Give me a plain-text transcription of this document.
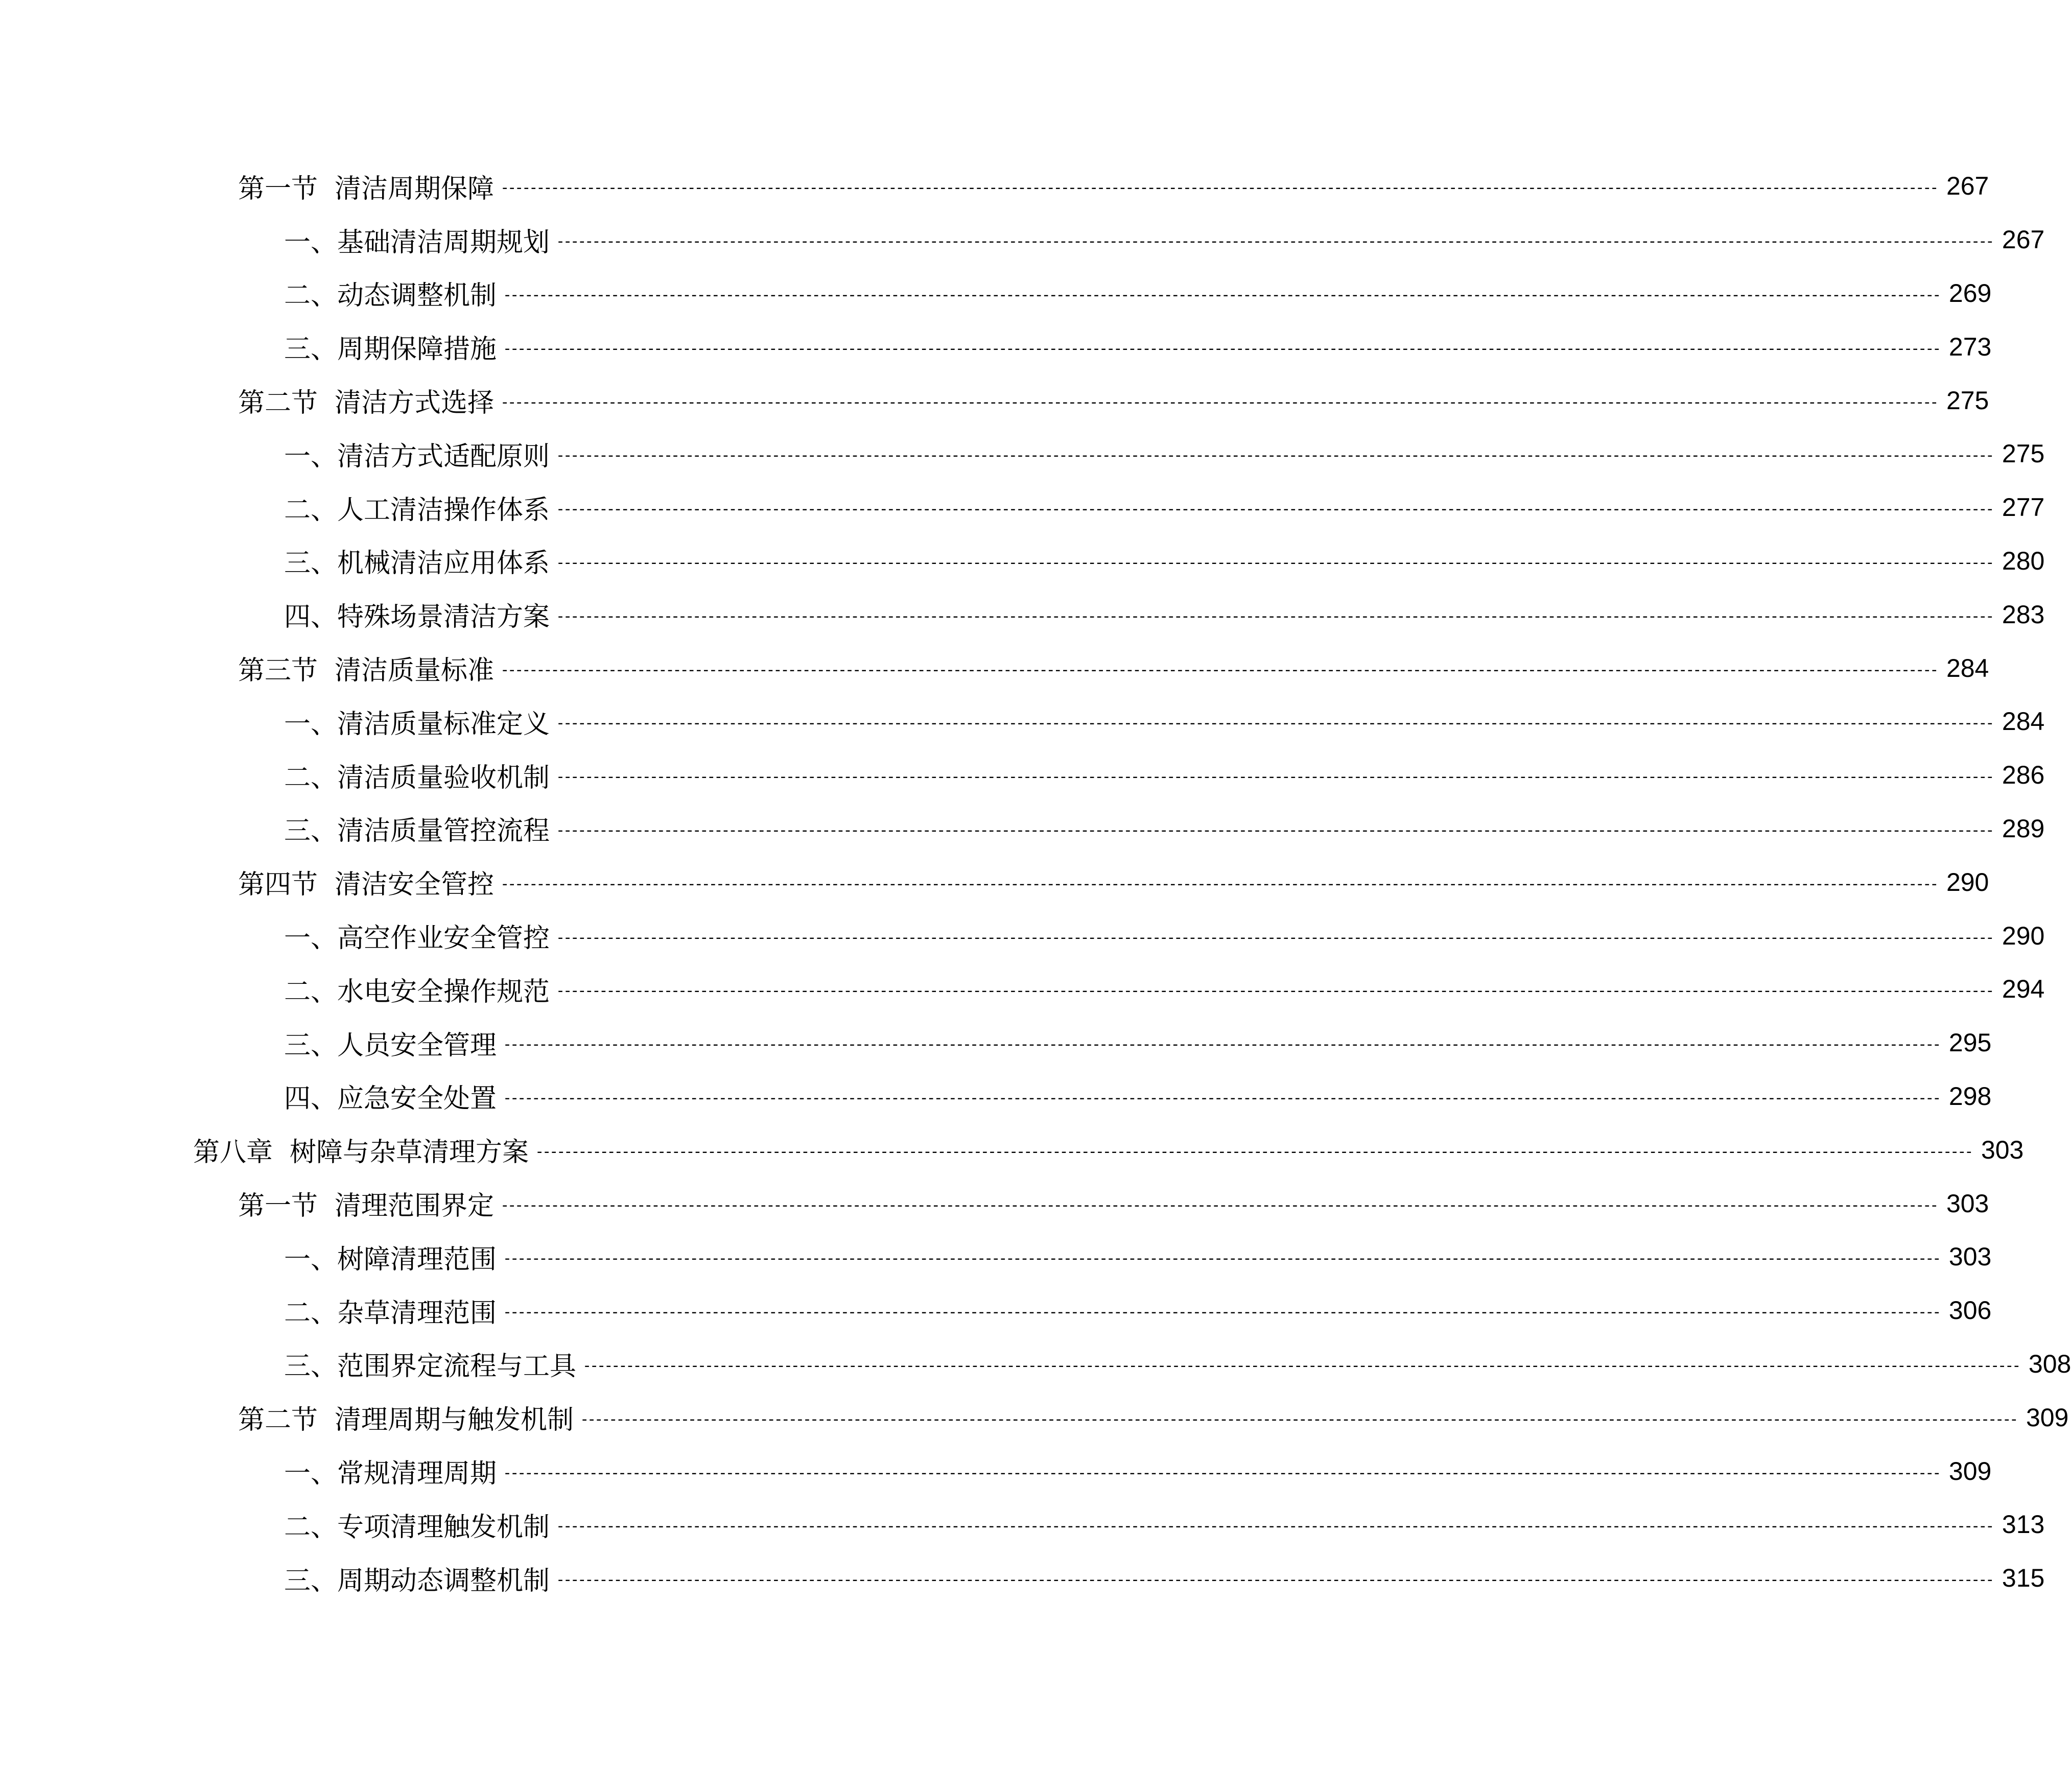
第一节  清洁周期保障 -------------------------------------------------------------------------------------------------------------------------------------------------------------------------------------------------------- 267
一、基础清洁周期规划 -------------------------------------------------------------------------------------------------------------------------------------------------------------------------------------------------------- 267
二、动态调整机制 -------------------------------------------------------------------------------------------------------------------------------------------------------------------------------------------------------- 269
三、周期保障措施 -------------------------------------------------------------------------------------------------------------------------------------------------------------------------------------------------------- 273
第二节  清洁方式选择 -------------------------------------------------------------------------------------------------------------------------------------------------------------------------------------------------------- 275
一、清洁方式适配原则 -------------------------------------------------------------------------------------------------------------------------------------------------------------------------------------------------------- 275
二、人工清洁操作体系 -------------------------------------------------------------------------------------------------------------------------------------------------------------------------------------------------------- 277
三、机械清洁应用体系 -------------------------------------------------------------------------------------------------------------------------------------------------------------------------------------------------------- 280
四、特殊场景清洁方案 -------------------------------------------------------------------------------------------------------------------------------------------------------------------------------------------------------- 283
第三节  清洁质量标准 -------------------------------------------------------------------------------------------------------------------------------------------------------------------------------------------------------- 284
一、清洁质量标准定义 -------------------------------------------------------------------------------------------------------------------------------------------------------------------------------------------------------- 284
二、清洁质量验收机制 -------------------------------------------------------------------------------------------------------------------------------------------------------------------------------------------------------- 286
三、清洁质量管控流程 -------------------------------------------------------------------------------------------------------------------------------------------------------------------------------------------------------- 289
第四节  清洁安全管控 -------------------------------------------------------------------------------------------------------------------------------------------------------------------------------------------------------- 290
一、高空作业安全管控 -------------------------------------------------------------------------------------------------------------------------------------------------------------------------------------------------------- 290
二、水电安全操作规范 -------------------------------------------------------------------------------------------------------------------------------------------------------------------------------------------------------- 294
三、人员安全管理 -------------------------------------------------------------------------------------------------------------------------------------------------------------------------------------------------------- 295
四、应急安全处置 -------------------------------------------------------------------------------------------------------------------------------------------------------------------------------------------------------- 298
第八章  树障与杂草清理方案 -------------------------------------------------------------------------------------------------------------------------------------------------------------------------------------------------------- 303
第一节  清理范围界定 -------------------------------------------------------------------------------------------------------------------------------------------------------------------------------------------------------- 303
一、树障清理范围 -------------------------------------------------------------------------------------------------------------------------------------------------------------------------------------------------------- 303
二、杂草清理范围 -------------------------------------------------------------------------------------------------------------------------------------------------------------------------------------------------------- 306
三、范围界定流程与工具 -------------------------------------------------------------------------------------------------------------------------------------------------------------------------------------------------------- 308
第二节  清理周期与触发机制 -------------------------------------------------------------------------------------------------------------------------------------------------------------------------------------------------------- 309
一、常规清理周期 -------------------------------------------------------------------------------------------------------------------------------------------------------------------------------------------------------- 309
二、专项清理触发机制 -------------------------------------------------------------------------------------------------------------------------------------------------------------------------------------------------------- 313
三、周期动态调整机制 -------------------------------------------------------------------------------------------------------------------------------------------------------------------------------------------------------- 315
